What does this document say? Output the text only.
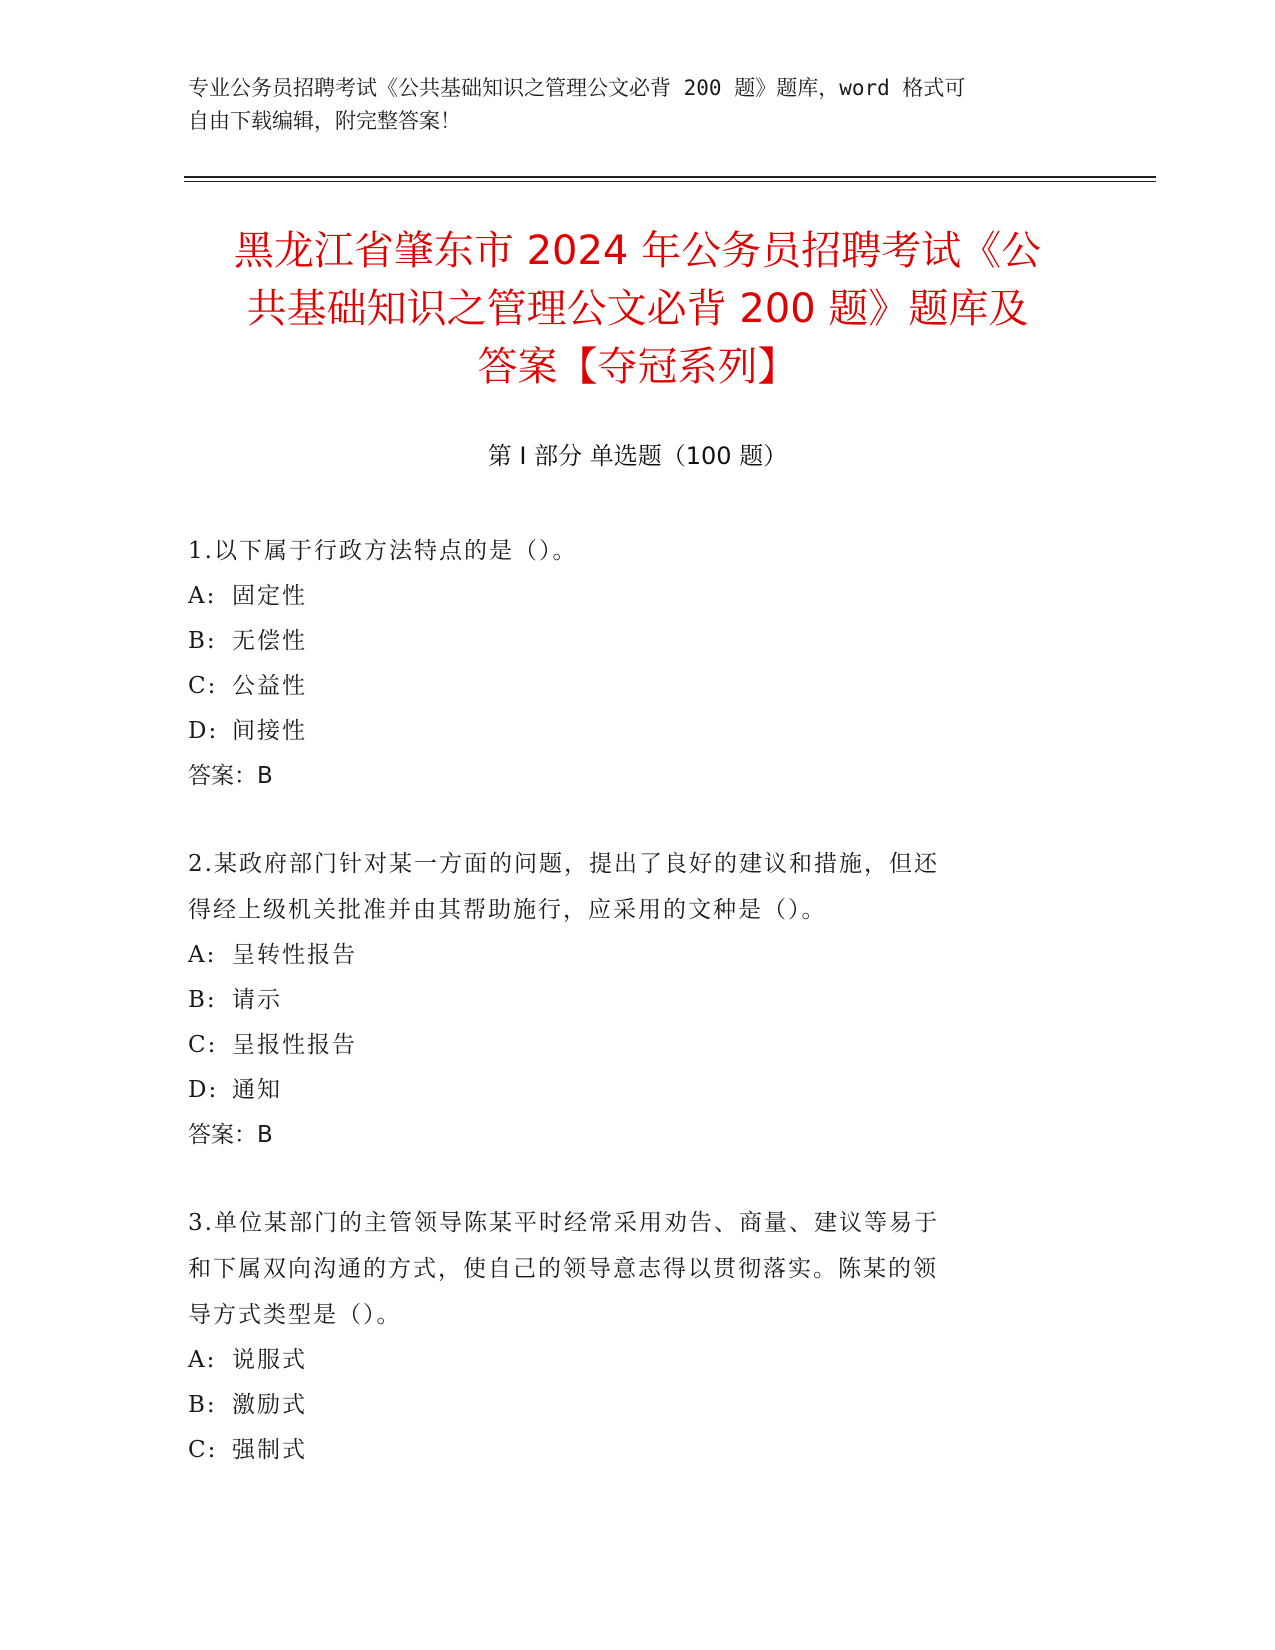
专业公务员招聘考试《公共基础知识之管理公文必背 200 题》题库，word 格式可
自由下载编辑，附完整答案！
黑龙江省肇东市 2024 年公务员招聘考试《公
共基础知识之管理公文必背 200 题》题库及
答案【夺冠系列】
第 I 部分 单选题（100 题）
1.以下属于行政方法特点的是（）。
A: 固定性
B: 无偿性
C: 公益性
D: 间接性
答案：B
2.某政府部门针对某一方面的问题，提出了良好的建议和措施，但还
得经上级机关批准并由其帮助施行，应采用的文种是（）。
A: 呈转性报告
B: 请示
C: 呈报性报告
D: 通知
答案：B
3.单位某部门的主管领导陈某平时经常采用劝告、商量、建议等易于
和下属双向沟通的方式，使自己的领导意志得以贯彻落实。陈某的领
导方式类型是（）。
A: 说服式
B: 激励式
C: 强制式
